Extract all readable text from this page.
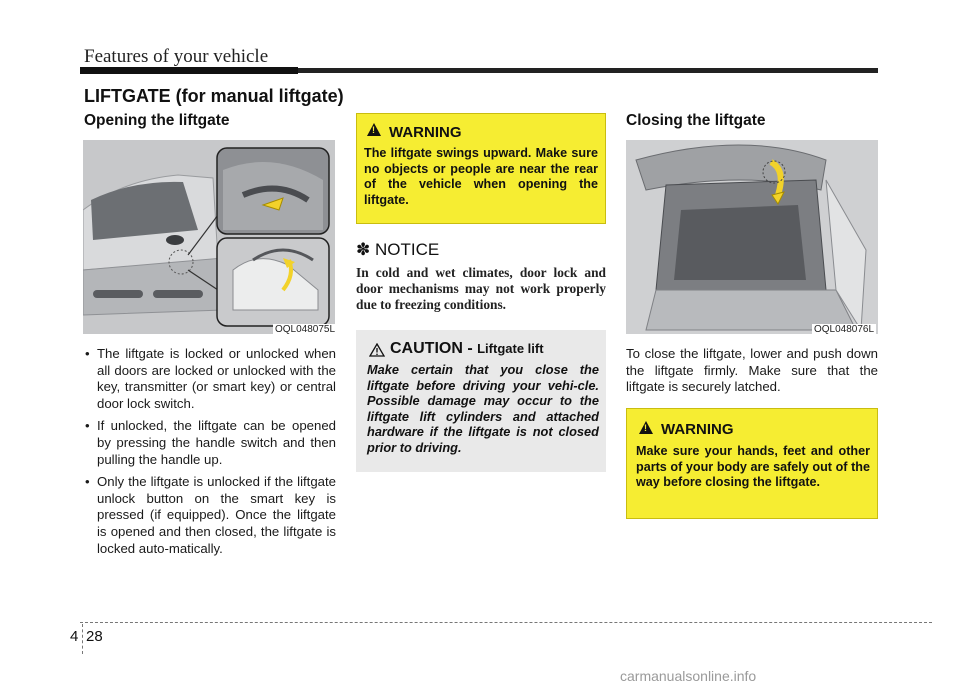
Features of your vehicle
LIFTGATE (for manual liftgate)
Opening the liftgate
OQL048075L
• The liftgate is locked or unlocked when all doors are locked or unlocked with the key, transmitter (or smart key) or central door lock switch.
• If unlocked, the liftgate can be opened by pressing the handle switch and then pulling the handle up.
• Only the liftgate is unlocked if the liftgate unlock button on the smart key is pressed (if equipped). Once the liftgate is opened and then closed, the liftgate is locked auto-matically.
!
WARNING
The liftgate swings upward. Make sure no objects or people are near the rear of the vehicle when opening the liftgate.
✽ NOTICE
In cold and wet climates, door lock and door mechanisms may not work properly due to freezing conditions.
CAUTION - Liftgate lift
Make certain that you close the liftgate before driving your vehi-cle. Possible damage may occur to the liftgate lift cylinders and attached hardware if the liftgate is not closed prior to driving.
Closing the liftgate
OQL048076L
To close the liftgate, lower and push down the liftgate firmly. Make sure that the liftgate is securely latched.
!
WARNING
Make sure your hands, feet and other parts of your body are safely out of the way before closing the liftgate.
4 28
carmanualsonline.info
